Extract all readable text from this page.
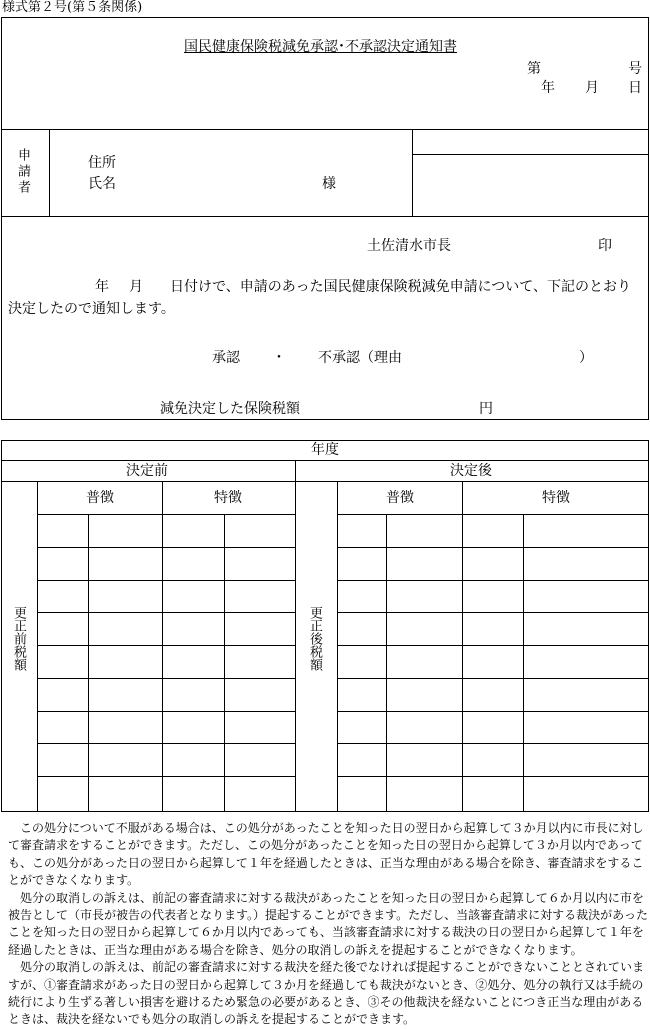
様式第２号(第５条関係)
国民健康保険税減免承認･不承認決定通知書
第	号
年 月 日
申請者	住所
氏名	様
土佐清水市長	印
年 月 日付けで、申請のあった国民健康保険税減免申請について、下記のとおり
決定したので通知します。
承認 ・ 不承認（理由	）
減免決定した保険税額	円
年度
決定前	決定後
普徴	特徴	普徴	特徴
更正前税額	更正後税額

この処分について不服がある場合は、この処分があったことを知った日の翌日から起算して３か月以内に市長に対して審査請求をすることができます。ただし、この処分があったことを知った日の翌日から起算して３か月以内であっても、この処分があった日の翌日から起算して１年を経過したときは、正当な理由がある場合を除き、審査請求をすることができなくなります。

処分の取消しの訴えは、前記の審査請求に対する裁決があったことを知った日の翌日から起算して６か月以内に市を被告として（市長が被告の代表者となります。）提起することができます。ただし、当該審査請求に対する裁決があったことを知った日の翌日から起算して６か月以内であっても、当該審査請求に対する裁決の日の翌日から起算して１年を経過したときは、正当な理由がある場合を除き、処分の取消しの訴えを提起することができなくなります。

処分の取消しの訴えは、前記の審査請求に対する裁決を経た後でなければ提起することができないこととされていますが、①審査請求があった日の翌日から起算して３か月を経過しても裁決がないとき、②処分、処分の執行又は手続の続行により生ずる著しい損害を避けるため緊急の必要があるとき、③その他裁決を経ないことにつき正当な理由があるときは、裁決を経ないでも処分の取消しの訴えを提起することができます。
